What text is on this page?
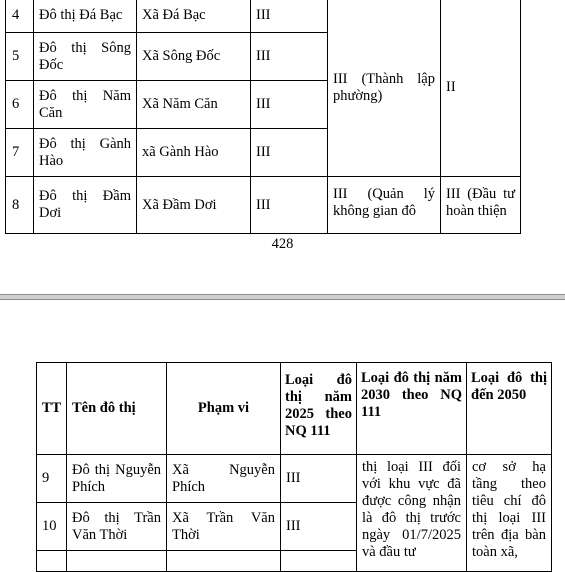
4	Đô thị Đá Bạc	Xã Đá Bạc	III	III (Thành lập phường)	II
5	Đô thị Sông Đốc	Xã Sông Đốc	III		
6	Đô thị Năm Căn	Xã Năm Căn	III		
7	Đô thị Gành Hào	xã Gành Hào	III		
8	Đô thị Đầm Dơi	Xã Đầm Dơi	III	III (Quản lý không gian đô	III (Đầu tư hoàn thiện
428
TT	Tên đô thị	Phạm vi	Loại đô thị năm 2025 theo NQ 111	Loại đô thị năm 2030 theo NQ 111	Loại đô thị đến 2050
9	Đô thị Nguyễn Phích	Xã Nguyễn Phích	III	thị loại III đối với khu vực đã được công nhận là đô thị trước ngày 01/7/2025 và đầu tư	cơ sở hạ tầng theo tiêu chí đô thị loại III trên địa bàn toàn xã,
10	Đô thị Trần Văn Thời	Xã Trần Văn Thời	III		
